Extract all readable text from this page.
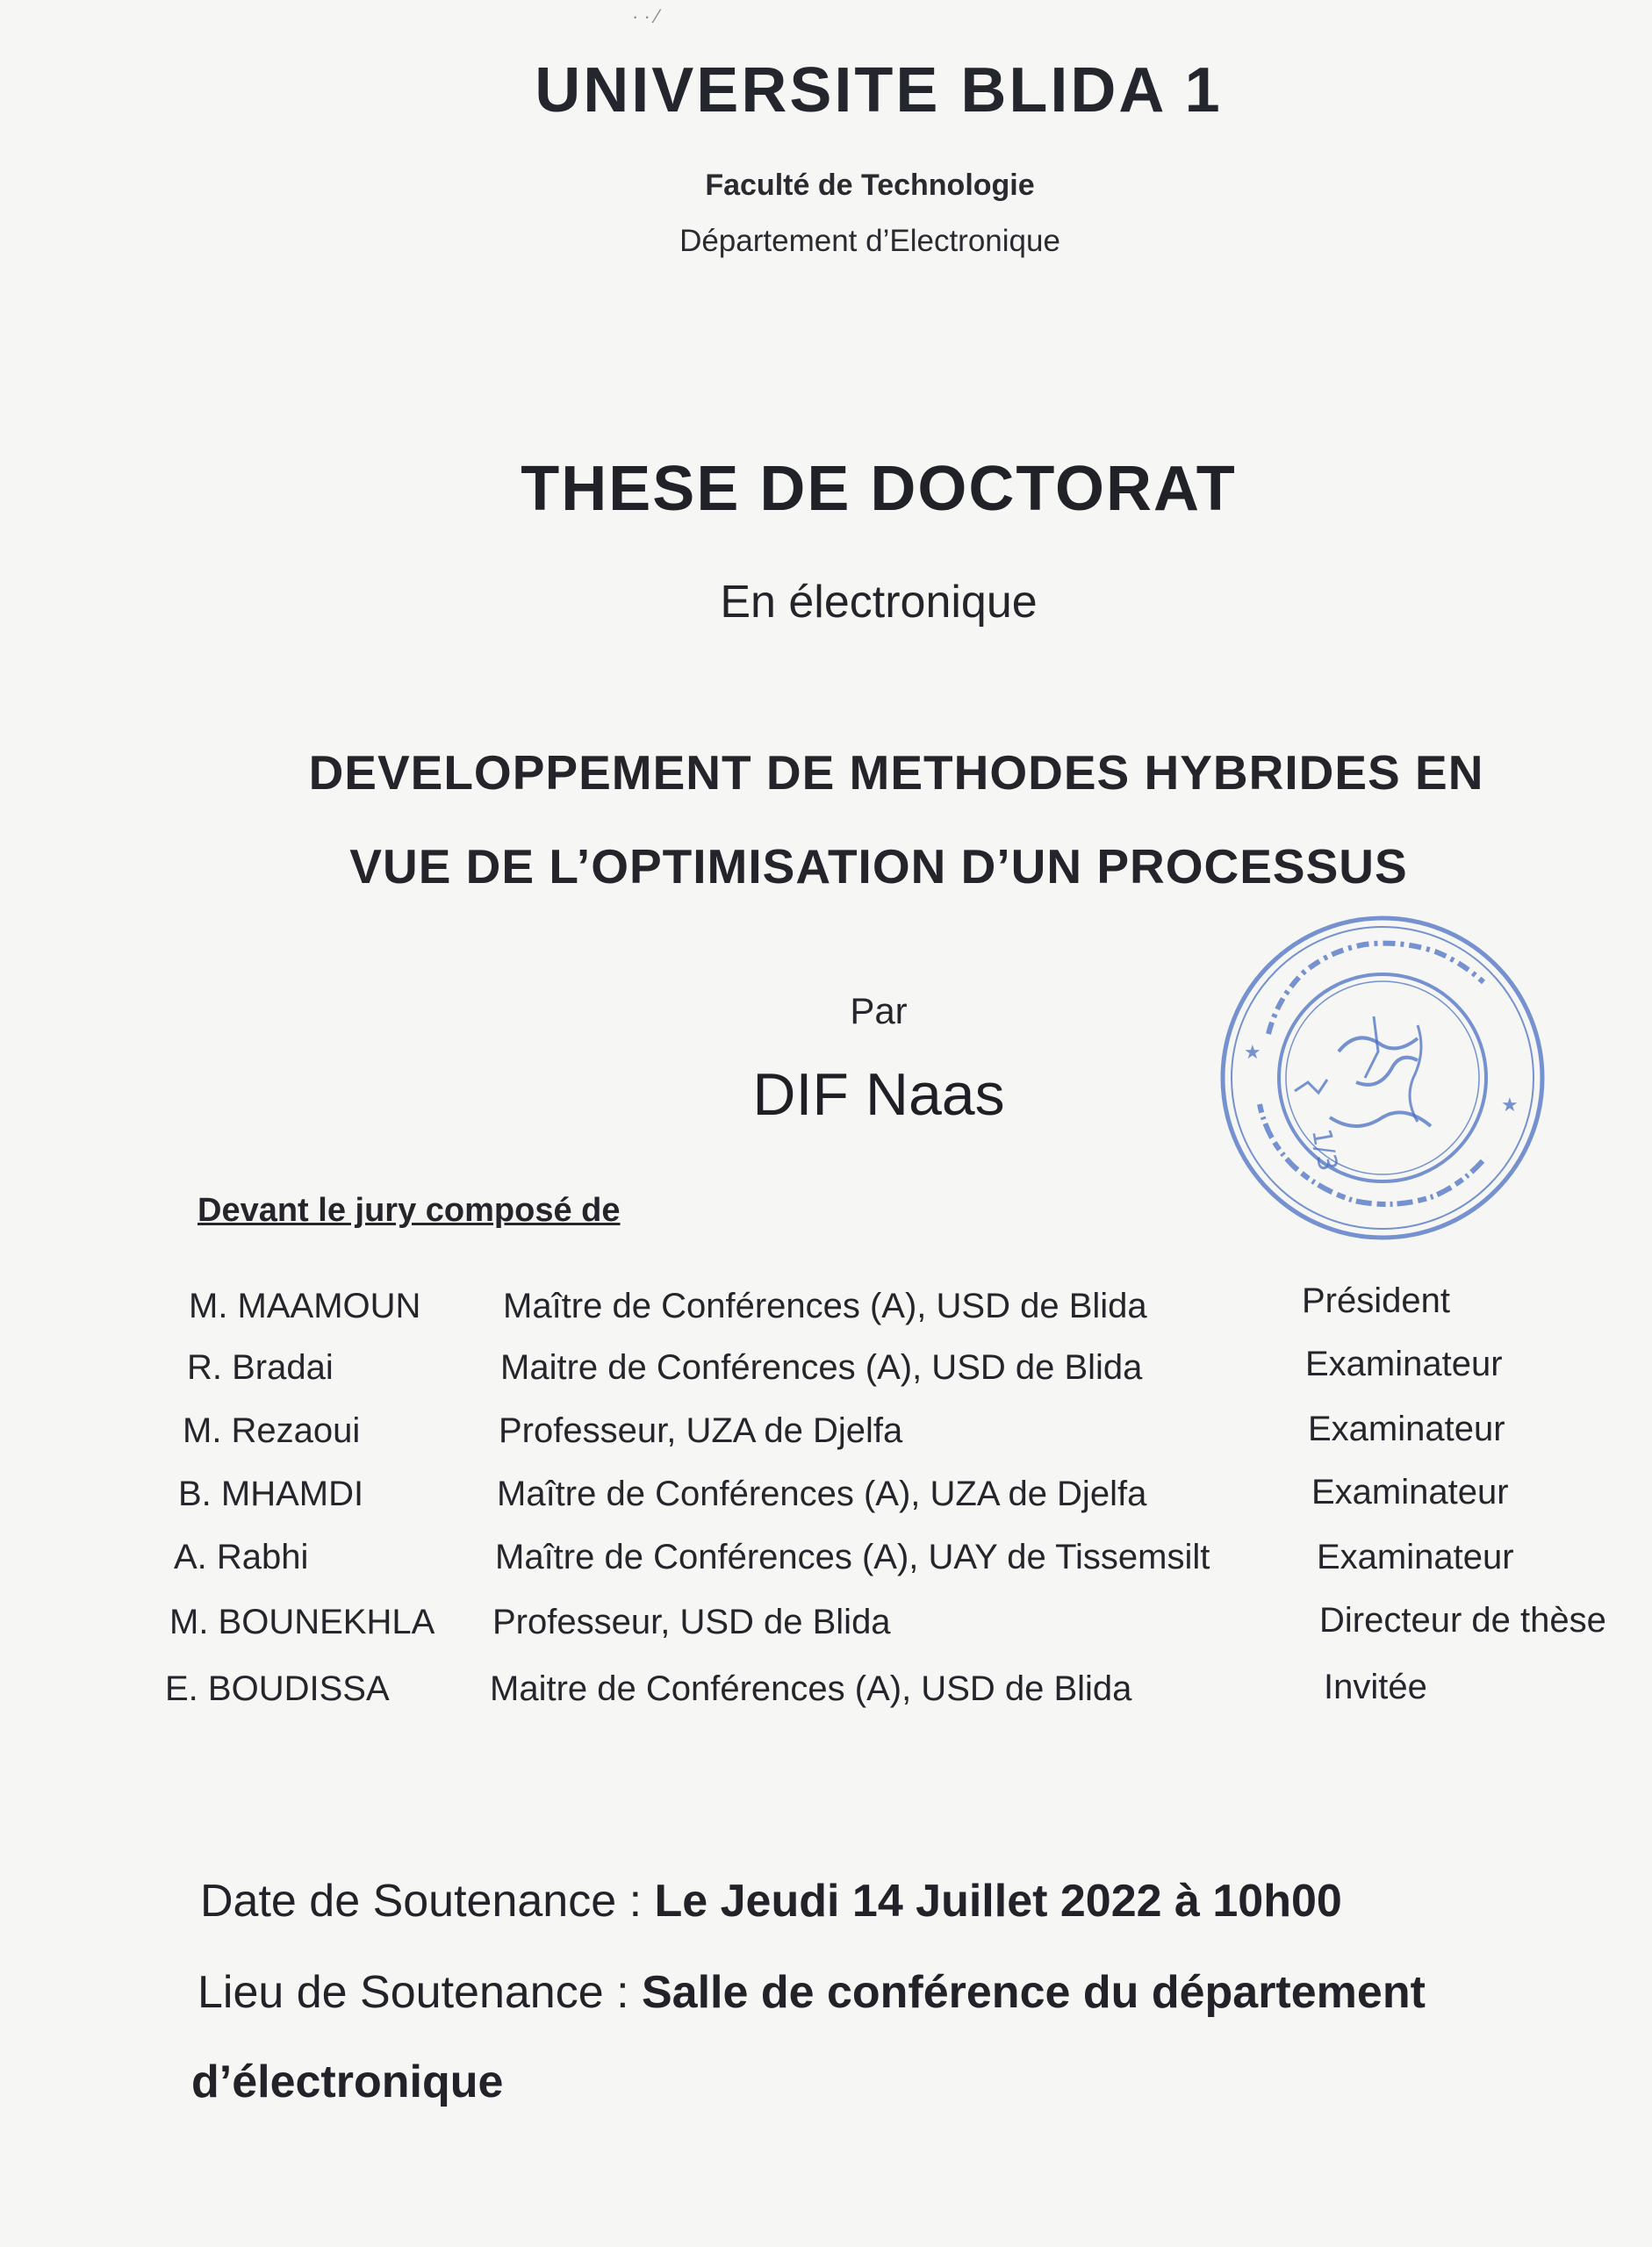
· · ⁄
UNIVERSITE BLIDA 1
Faculté de Technologie
Département d’Electronique
THESE DE DOCTORAT
En électronique
DEVELOPPEMENT DE METHODES HYBRIDES EN
VUE DE L’OPTIMISATION D’UN PROCESSUS
Par
DIF Naas
★
★
1/3
Devant le jury composé de
M. MAAMOUN Maître de Conférences (A), USD de Blida	Président
R. Bradai	Maitre de Conférences (A), USD de Blida	Examinateur
M. Rezaoui	Professeur, UZA de Djelfa	Examinateur
B. MHAMDI	Maître de Conférences (A), UZA de Djelfa	Examinateur
A. Rabhi	Maître de Conférences (A), UAY de Tissemsilt	Examinateur
M. BOUNEKHLA Professeur, USD de Blida	Directeur de thèse
E. BOUDISSA	Maitre de Conférences (A), USD de Blida	Invitée
Date de Soutenance : Le Jeudi 14 Juillet 2022 à 10h00
Lieu de Soutenance : Salle de conférence du département
d’électronique
